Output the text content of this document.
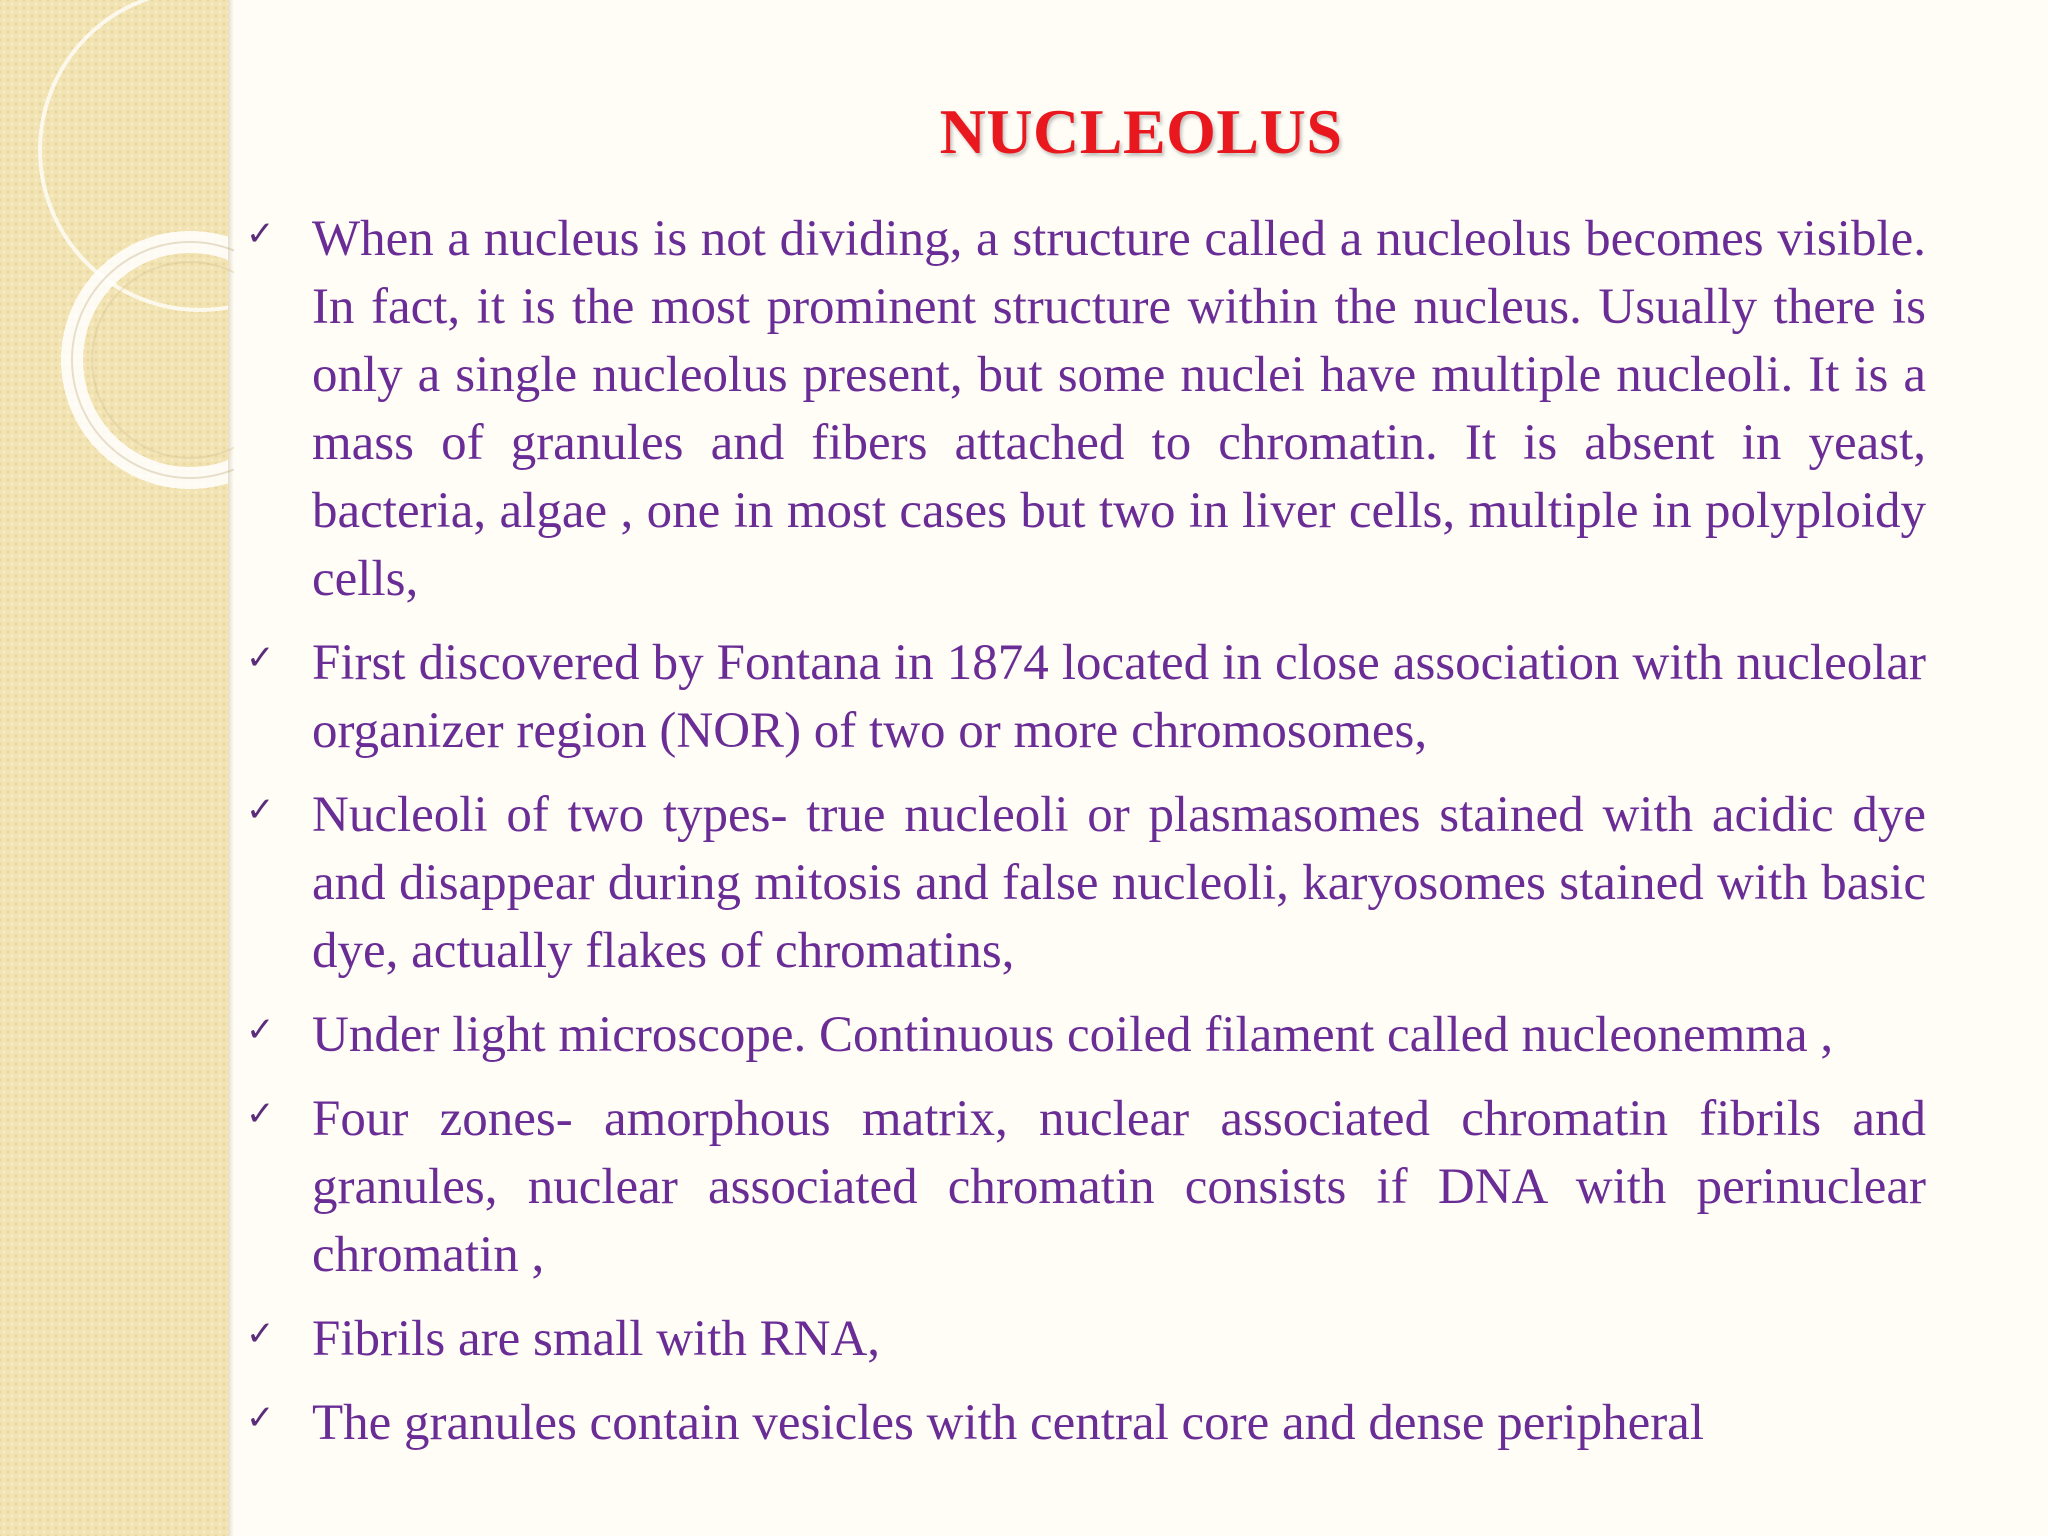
NUCLEOLUS
✓ When a nucleus is not dividing, a structure called a nucleolus becomes visible. In fact, it is the most prominent structure within the nucleus. Usually there is only a single nucleolus present, but some nuclei have multiple nucleoli. It is a mass of granules and fibers attached to chromatin. It is absent in yeast, bacteria, algae , one in most cases but two in liver cells, multiple in polyploidy cells,
✓ First discovered by Fontana in 1874 located in close association with nucleolar organizer region (NOR) of two or more chromosomes,
✓ Nucleoli of two types- true nucleoli or plasmasomes stained with acidic dye and disappear during mitosis and false nucleoli, karyosomes stained with basic dye, actually flakes of chromatins,
✓ Under light microscope. Continuous coiled filament called nucleonemma ,
✓ Four zones- amorphous matrix, nuclear associated chromatin fibrils and granules, nuclear associated chromatin consists if DNA with perinuclear chromatin ,
✓ Fibrils are small with RNA,
✓ The granules contain vesicles with central core and dense peripheral
